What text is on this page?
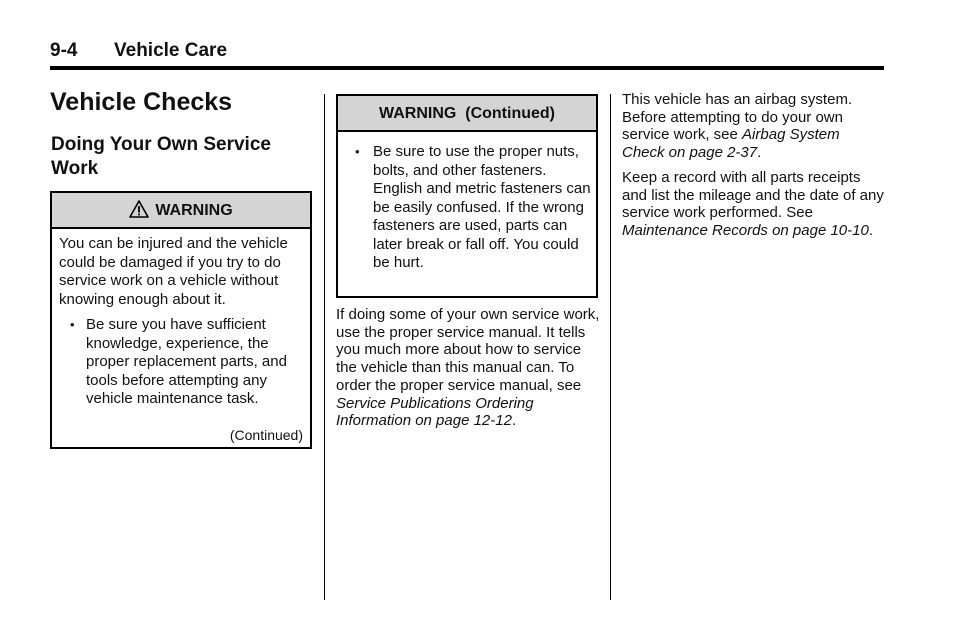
9-4 Vehicle Care
Vehicle Checks
Doing Your Own Service Work
WARNING
You can be injured and the vehicle could be damaged if you try to do service work on a vehicle without knowing enough about it.
• Be sure you have sufficient knowledge, experience, the proper replacement parts, and tools before attempting any vehicle maintenance task.
(Continued)
WARNING  (Continued)
• Be sure to use the proper nuts, bolts, and other fasteners. English and metric fasteners can be easily confused. If the wrong fasteners are used, parts can later break or fall off. You could be hurt.

If doing some of your own service work, use the proper service manual. It tells you much more about how to service the vehicle than this manual can. To order the proper service manual, see Service Publications Ordering Information on page 12-12.

This vehicle has an airbag system. Before attempting to do your own service work, see Airbag System Check on page 2-37.

Keep a record with all parts receipts and list the mileage and the date of any service work performed. See Maintenance Records on page 10-10.
